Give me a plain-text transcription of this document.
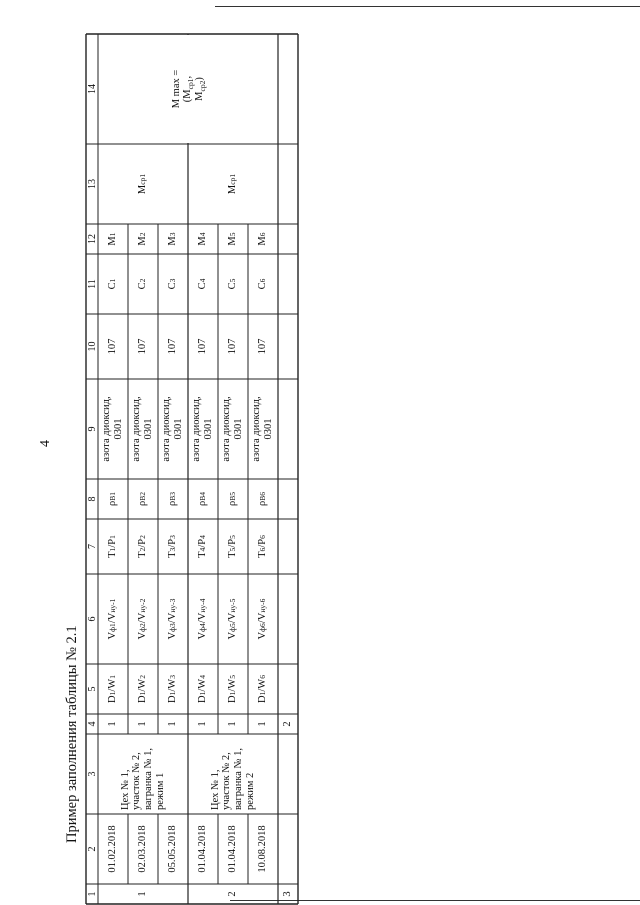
4
Пример заполнения таблицы № 2.1
1
2
3
4
5
6
7
8
9
10
11
12
13
14
1
Цех № 1, участок № 2, вагранка № 1, режим 1
M
ср1
01.02.2018
1
D
1
/W
1
V
ф1
/V
ну-1
T
1
/P
1
ρ
В1
азота диоксид, 0301
107
C
1
M
1
02.03.2018
1
D
1
/W
2
V
ф2
/V
ну-2
T
2
/P
2
ρ
В2
азота диоксид, 0301
107
C
2
M
2
05.05.2018
1
D
1
/W
3
V
ф3
/V
ну-3
T
3
/P
3
ρ
В3
азота диоксид, 0301
107
C
3
M
3
2
Цех № 1, участок № 2, вагранка № 1, режим 2
M
ср1
01.04.2018
1
D
1
/W
4
V
ф4
/V
ну-4
T
4
/P
4
ρ
В4
азота диоксид, 0301
107
C
4
M
4
01.04.2018
1
D
1
/W
5
V
ф5
/V
ну-5
T
5
/P
5
ρ
В5
азота диоксид, 0301
107
C
5
M
5
10.08.2018
1
D
1
/W
6
V
ф6
/V
ну-6
T
6
/P
6
ρ
В6
азота диоксид, 0301
107
C
6
M
6
M $\max = (M_{ср1}$,
$M_{ср2}$)
3
2
